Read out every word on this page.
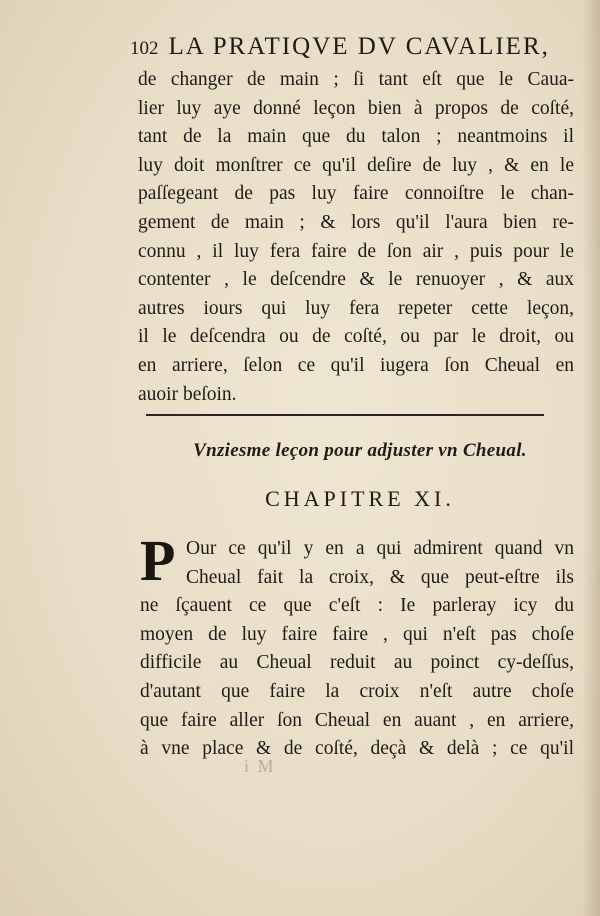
102 LA PRATIQVE DV CAVALIER,
de changer de main ; ſi tant eſt que le Caua-
lier luy aye donné leçon bien à propos de coſté,
tant de la main que du talon ; neantmoins il
luy doit monſtrer ce qu'il deſire de luy , & en le
paſſegeant de pas luy faire connoiſtre le chan-
gement de main ; & lors qu'il l'aura bien re-
connu , il luy fera faire de ſon air , puis pour le
contenter , le deſcendre & le renuoyer , & aux
autres iours qui luy fera repeter cette leçon,
il le deſcendra ou de coſté, ou par le droit, ou
en arriere, ſelon ce qu'il iugera ſon Cheual en
auoir beſoin.
Vnziesme leçon pour adjuster vn Cheual.
CHAPITRE XI.
P Our ce qu'il y en a qui admirent quand vn
Cheual fait la croix, & que peut-eſtre ils
ne ſçauent ce que c'eſt : Ie parleray icy du
moyen de luy faire faire , qui n'eſt pas choſe
difficile au Cheual reduit au poinct cy-deſſus,
d'autant que faire la croix n'eſt autre choſe
que faire aller ſon Cheual en auant , en arriere,
à vne place & de coſté, deçà & delà ; ce qu'il
i M
